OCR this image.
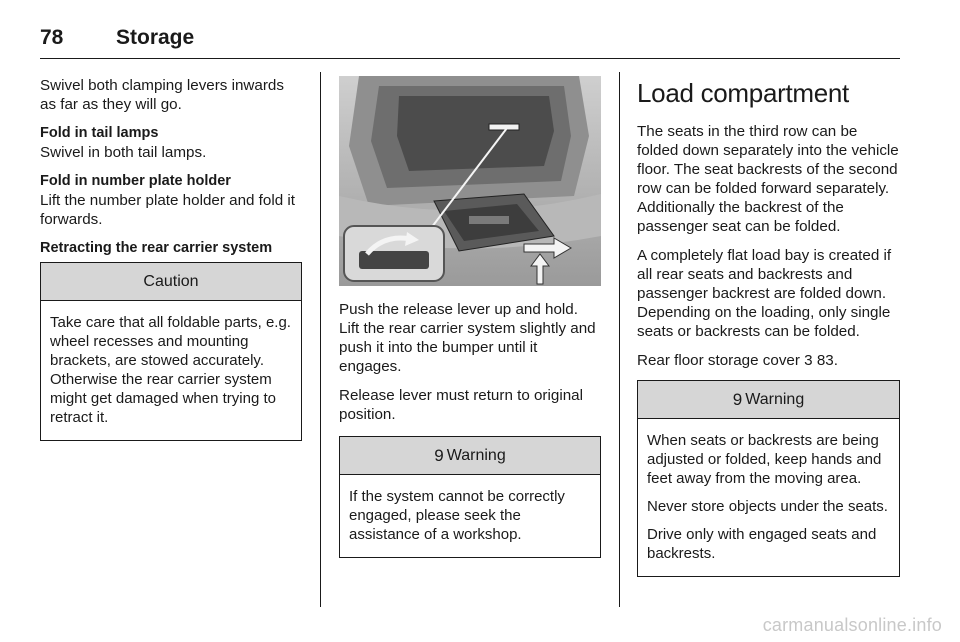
78	Storage

Swivel both clamping levers inwards as far as they will go.

Fold in tail lamps
Swivel in both tail lamps.

Fold in number plate holder
Lift the number plate holder and fold it forwards.

Retracting the rear carrier system

Caution

Take care that all foldable parts, e.g. wheel recesses and mounting brackets, are stowed accurately. Otherwise the rear carrier system might get damaged when trying to retract it.

Push the release lever up and hold. Lift the rear carrier system slightly and push it into the bumper until it engages.

Release lever must return to original position.

9 Warning

If the system cannot be correctly engaged, please seek the assistance of a workshop.

Load compartment

The seats in the third row can be folded down separately into the vehicle floor. The seat backrests of the second row can be folded forward separately. Additionally the backrest of the passenger seat can be folded.

A completely flat load bay is created if all rear seats and backrests and passenger backrest are folded down. Depending on the loading, only single seats or backrests can be folded.

Rear floor storage cover 3 83.

9 Warning

When seats or backrests are being adjusted or folded, keep hands and feet away from the moving area.

Never store objects under the seats.

Drive only with engaged seats and backrests.

carmanualsonline.info
